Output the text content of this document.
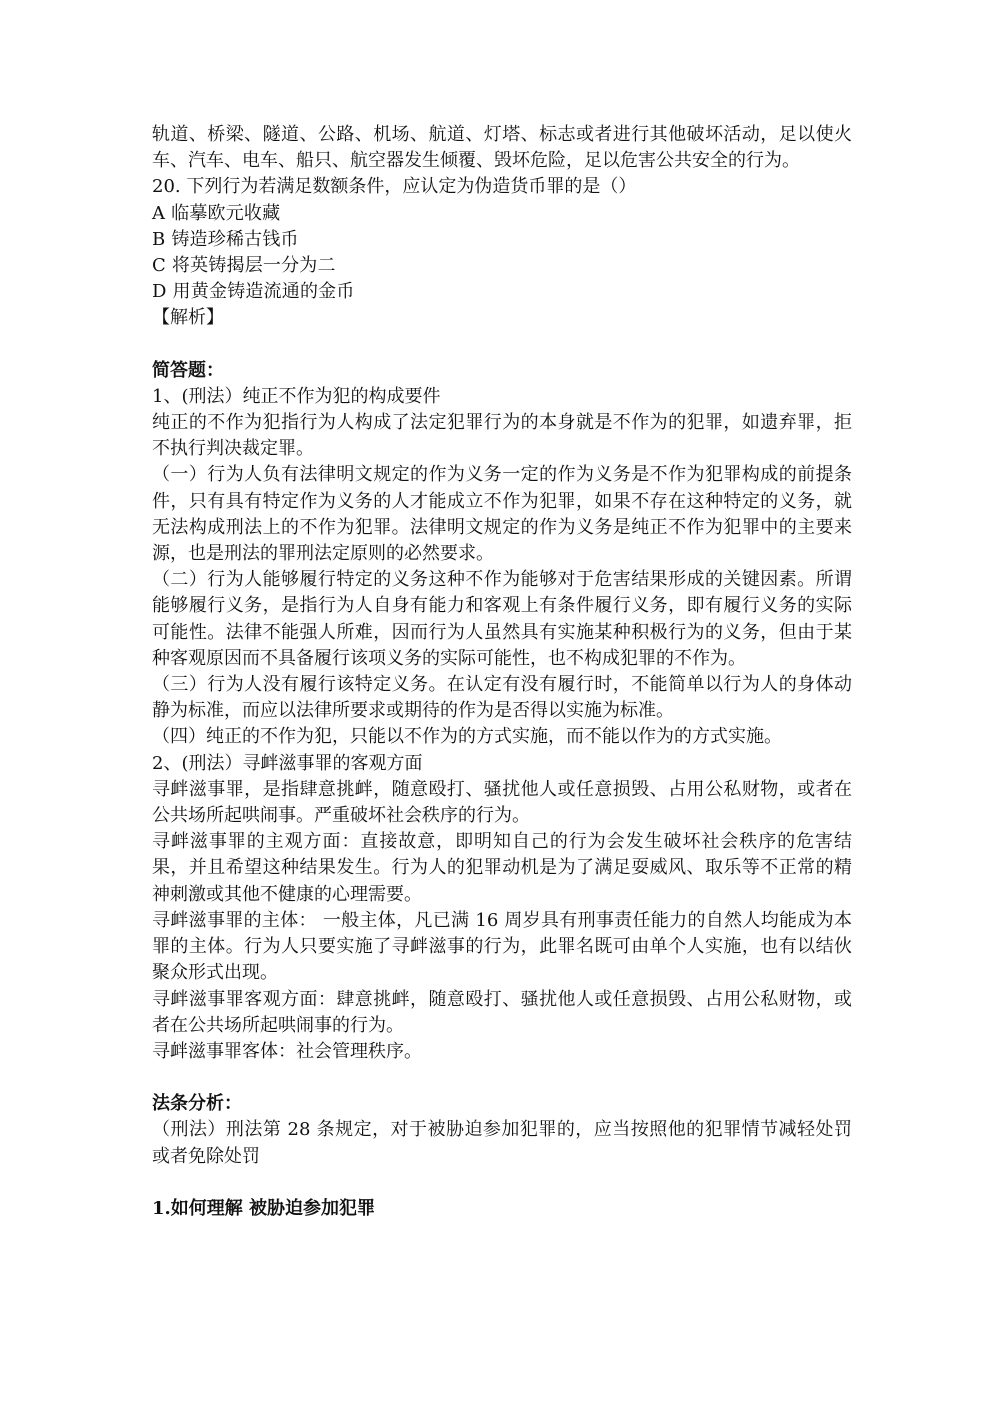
轨道、桥梁、隧道、公路、机场、航道、灯塔、标志或者进行其他破坏活动，足以使火车、汽车、电车、船只、航空器发生倾覆、毁坏危险，足以危害公共安全的行为。

20. 下列行为若满足数额条件，应认定为伪造货币罪的是（）

A 临摹欧元收藏

B 铸造珍稀古钱币

C 将英铸揭层一分为二

D 用黄金铸造流通的金币

【解析】

简答题：

1、(刑法）纯正不作为犯的构成要件

纯正的不作为犯指行为人构成了法定犯罪行为的本身就是不作为的犯罪，如遗弃罪，拒不执行判决裁定罪。

（一）行为人负有法律明文规定的作为义务一定的作为义务是不作为犯罪构成的前提条件，只有具有特定作为义务的人才能成立不作为犯罪，如果不存在这种特定的义务，就无法构成刑法上的不作为犯罪。法律明文规定的作为义务是纯正不作为犯罪中的主要来源，也是刑法的罪刑法定原则的必然要求。

（二）行为人能够履行特定的义务这种不作为能够对于危害结果形成的关键因素。所谓能够履行义务，是指行为人自身有能力和客观上有条件履行义务，即有履行义务的实际可能性。法律不能强人所难，因而行为人虽然具有实施某种积极行为的义务，但由于某种客观原因而不具备履行该项义务的实际可能性，也不构成犯罪的不作为。

（三）行为人没有履行该特定义务。在认定有没有履行时，不能简单以行为人的身体动静为标准，而应以法律所要求或期待的作为是否得以实施为标准。

（四）纯正的不作为犯，只能以不作为的方式实施，而不能以作为的方式实施。

2、(刑法）寻衅滋事罪的客观方面

寻衅滋事罪，是指肆意挑衅，随意殴打、骚扰他人或任意损毁、占用公私财物，或者在公共场所起哄闹事。严重破坏社会秩序的行为。

寻衅滋事罪的主观方面：直接故意，即明知自己的行为会发生破坏社会秩序的危害结果，并且希望这种结果发生。行为人的犯罪动机是为了满足耍威风、取乐等不正常的精神刺激或其他不健康的心理需要。

寻衅滋事罪的主体： 一般主体，凡已满 16 周岁具有刑事责任能力的自然人均能成为本罪的主体。行为人只要实施了寻衅滋事的行为，此罪名既可由单个人实施，也有以结伙聚众形式出现。

寻衅滋事罪客观方面：肆意挑衅，随意殴打、骚扰他人或任意损毁、占用公私财物，或者在公共场所起哄闹事的行为。

寻衅滋事罪客体：社会管理秩序。

法条分析：

（刑法）刑法第 28 条规定，对于被胁迫参加犯罪的，应当按照他的犯罪情节减轻处罚或者免除处罚

1.如何理解 被胁迫参加犯罪
